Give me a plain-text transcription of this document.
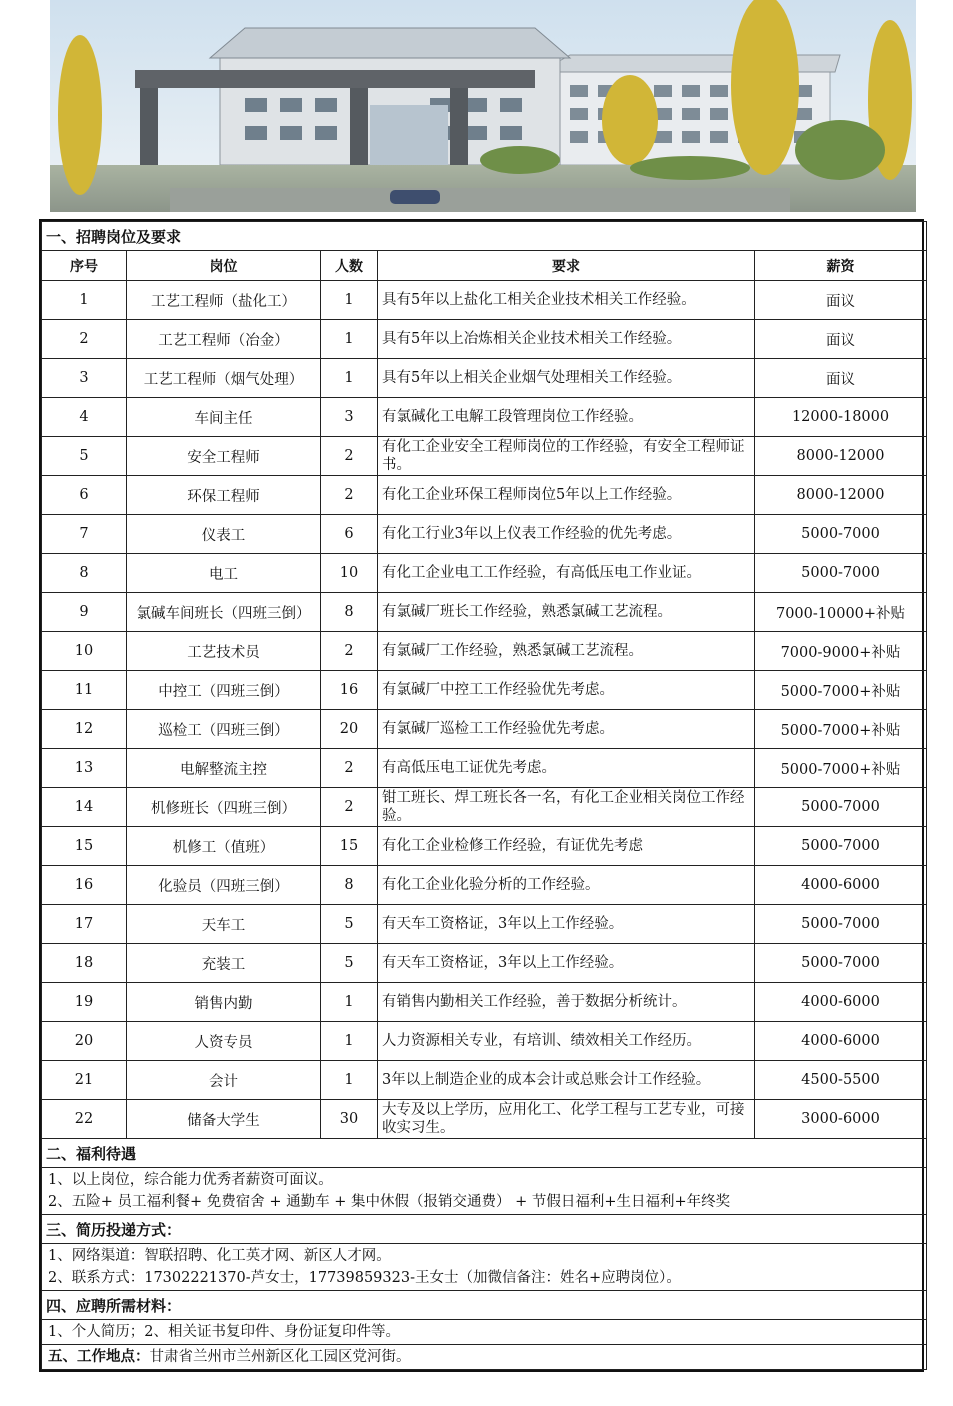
一、招聘岗位及要求				
序号	岗位	人数	要求	薪资
1	工艺工程师（盐化工）	1	具有5年以上盐化工相关企业技术相关工作经验。	面议
2	工艺工程师（冶金）	1	具有5年以上冶炼相关企业技术相关工作经验。	面议
3	工艺工程师（烟气处理）	1	具有5年以上相关企业烟气处理相关工作经验。	面议
4	车间主任	3	有氯碱化工电解工段管理岗位工作经验。	12000-18000
5	安全工程师	2	有化工企业安全工程师岗位的工作经验，有安全工程师证书。	8000-12000
6	环保工程师	2	有化工企业环保工程师岗位5年以上工作经验。	8000-12000
7	仪表工	6	有化工行业3年以上仪表工作经验的优先考虑。	5000-7000
8	电工	10	有化工企业电工工作经验，有高低压电工作业证。	5000-7000
9	氯碱车间班长（四班三倒）	8	有氯碱厂班长工作经验，熟悉氯碱工艺流程。	7000-10000+补贴
10	工艺技术员	2	有氯碱厂工作经验，熟悉氯碱工艺流程。	7000-9000+补贴
11	中控工（四班三倒）	16	有氯碱厂中控工工作经验优先考虑。	5000-7000+补贴
12	巡检工（四班三倒）	20	有氯碱厂巡检工工作经验优先考虑。	5000-7000+补贴
13	电解整流主控	2	有高低压电工证优先考虑。	5000-7000+补贴
14	机修班长（四班三倒）	2	钳工班长、焊工班长各一名，有化工企业相关岗位工作经验。	5000-7000
15	机修工（值班）	15	有化工企业检修工作经验，有证优先考虑	5000-7000
16	化验员（四班三倒）	8	有化工企业化验分析的工作经验。	4000-6000
17	天车工	5	有天车工资格证，3年以上工作经验。	5000-7000
18	充装工	5	有天车工资格证，3年以上工作经验。	5000-7000
19	销售内勤	1	有销售内勤相关工作经验，善于数据分析统计。	4000-6000
20	人资专员	1	人力资源相关专业，有培训、绩效相关工作经历。	4000-6000
21	会计	1	3年以上制造企业的成本会计或总账会计工作经验。	4500-5500
22	储备大学生	30	大专及以上学历，应用化工、化学工程与工艺专业，可接收实习生。	3000-6000
二、福利待遇				

1、以上岗位，综合能力优秀者薪资可面议。
2、五险+ 员工福利餐+ 免费宿舍 + 通勤车 + 集中休假（报销交通费） + 节假日福利+生日福利+年终奖				

三、简历投递方式：				

1、网络渠道：智联招聘、化工英才网、新区人才网。
2、联系方式：17302221370-芦女士，17739859323-王女士（加微信备注：姓名+应聘岗位）。				

四、应聘所需材料：				

1、个人简历；2、相关证书复印件、身份证复印件等。				

五、工作地点：甘肃省兰州市兰州新区化工园区党河街。				
